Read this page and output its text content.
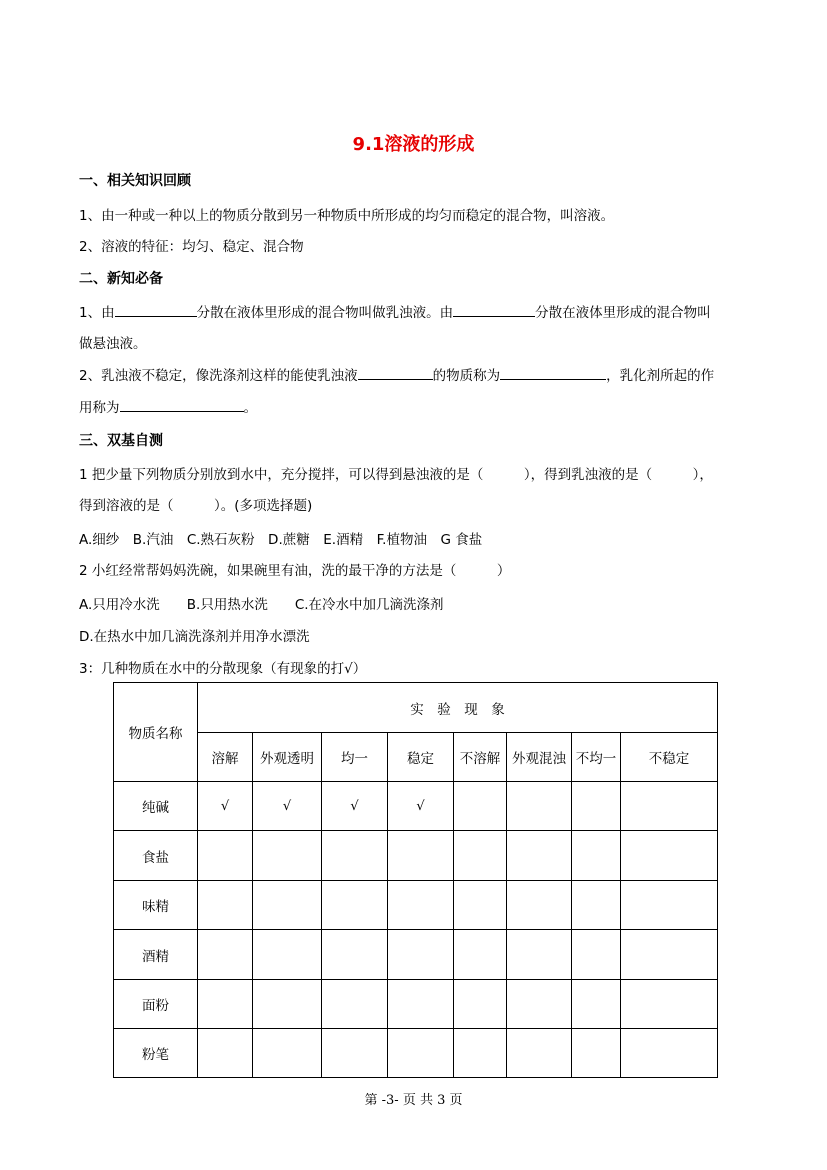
9.1溶液的形成
一、相关知识回顾
1、由一种或一种以上的物质分散到另一种物质中所形成的均匀而稳定的混合物，叫溶液。
2、溶液的特征：均匀、稳定、混合物
二、新知必备
1、由	分散在液体里形成的混合物叫做乳浊液。由	分散在液体里形成的混合物叫
做悬浊液。
2、乳浊液不稳定，像洗涤剂这样的能使乳浊液	的物质称为	，乳化剂所起的作
用称为	。
三、双基自测
1 把少量下列物质分别放到水中，充分搅拌，可以得到悬浊液的是（　　　），得到乳浊液的是（　　　），
得到溶液的是（　　　）。(多项选择题)
A.细纱　B.汽油　C.熟石灰粉　D.蔗糖　E.酒精　F.植物油　G 食盐
2 小红经常帮妈妈洗碗，如果碗里有油，洗的最干净的方法是（　　　）
A.只用冷水洗　　B.只用热水洗　　C.在冷水中加几滴洗涤剂
D.在热水中加几滴洗涤剂并用净水漂洗
3：几种物质在水中的分散现象（有现象的打√）
物质名称	实　验　现　象							
	溶解	外观透明	均一	稳定	不溶解	外观混浊	不均一	不稳定
纯碱	√	√	√	√				
食盐								
味精								
酒精								
面粉								
粉笔								
第 -3- 页 共 3 页
